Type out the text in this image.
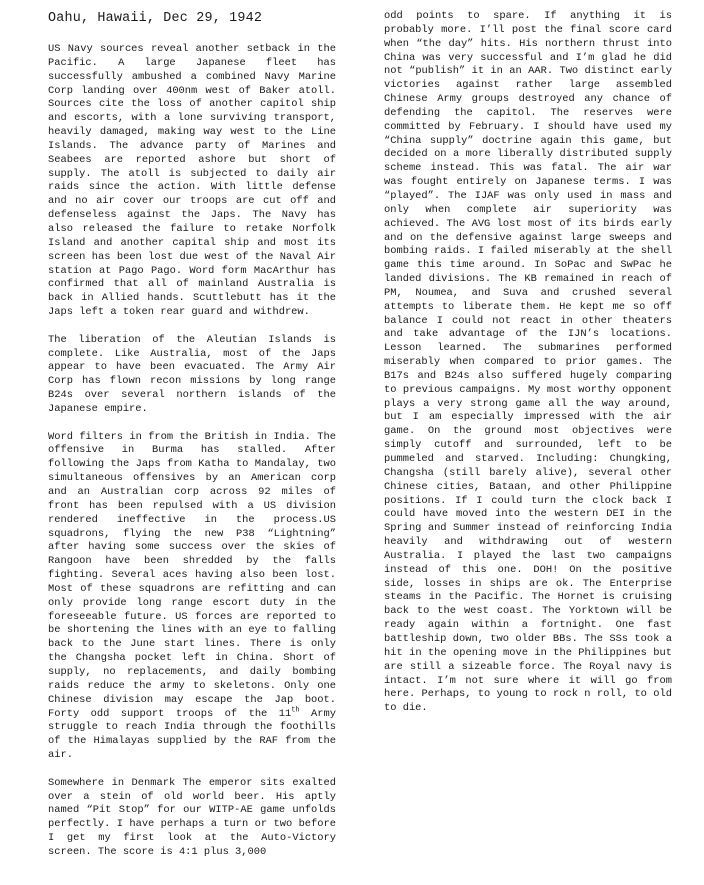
Oahu, Hawaii, Dec 29, 1942

US Navy sources reveal another setback in the Pacific. A large Japanese fleet has successfully ambushed a combined Navy Marine Corp landing over 400nm west of Baker atoll. Sources cite the loss of another capitol ship and escorts, with a lone surviving transport, heavily damaged, making way west to the Line Islands. The advance party of Marines and Seabees are reported ashore but short of supply. The atoll is subjected to daily air raids since the action. With little defense and no air cover our troops are cut off and defenseless against the Japs. The Navy has also released the failure to retake Norfolk Island and another capital ship and most its screen has been lost due west of the Naval Air station at Pago Pago. Word form MacArthur has confirmed that all of mainland Australia is back in Allied hands. Scuttlebutt has it the Japs left a token rear guard and withdrew.

The liberation of the Aleutian Islands is complete. Like Australia, most of the Japs appear to have been evacuated. The Army Air Corp has flown recon missions by long range B24s over several northern islands of the Japanese empire.

Word filters in from the British in India. The offensive in Burma has stalled. After following the Japs from Katha to Mandalay, two simultaneous offensives by an American corp and an Australian corp across 92 miles of front has been repulsed with a US division rendered ineffective in the process.US squadrons, flying the new P38 “Lightning” after having some success over the skies of Rangoon have been shredded by the falls fighting. Several aces having also been lost. Most of these squadrons are refitting and can only provide long range escort duty in the foreseeable future. US forces are reported to be shortening the lines with an eye to falling back to the June start lines. There is only the Changsha pocket left in China. Short of supply, no replacements, and daily bombing raids reduce the army to skeletons. Only one Chinese division may escape the Jap boot. Forty odd support troops of the 11th Army struggle to reach India through the foothills of the Himalayas supplied by the RAF from the air.

Somewhere in Denmark The emperor sits exalted over a stein of old world beer. His aptly named “Pit Stop” for our WITP-AE game unfolds perfectly. I have perhaps a turn or two before I get my first look at the Auto-Victory screen. The score is 4:1 plus 3,000

odd points to spare. If anything it is probably more. I’ll post the final score card when “the day” hits. His northern thrust into China was very successful and I’m glad he did not “publish” it in an AAR. Two distinct early victories against rather large assembled Chinese Army groups destroyed any chance of defending the capitol. The reserves were committed by February. I should have used my “China supply” doctrine again this game, but decided on a more liberally distributed supply scheme instead. This was fatal. The air war was fought entirely on Japanese terms. I was “played”. The IJAF was only used in mass and only when complete air superiority was achieved. The AVG lost most of its birds early and on the defensive against large sweeps and bombing raids. I failed miserably at the shell game this time around. In SoPac and SwPac he landed divisions. The KB remained in reach of PM, Noumea, and Suva and crushed several attempts to liberate them. He kept me so off balance I could not react in other theaters and take advantage of the IJN’s locations. Lesson learned. The submarines performed miserably when compared to prior games. The B17s and B24s also suffered hugely comparing to previous campaigns. My most worthy opponent plays a very strong game all the way around, but I am especially impressed with the air game. On the ground most objectives were simply cutoff and surrounded, left to be pummeled and starved. Including: Chungking, Changsha (still barely alive), several other Chinese cities, Bataan, and other Philippine positions. If I could turn the clock back I could have moved into the western DEI in the Spring and Summer instead of reinforcing India heavily and withdrawing out of western Australia. I played the last two campaigns instead of this one. DOH! On the positive side, losses in ships are ok. The Enterprise steams in the Pacific. The Hornet is cruising back to the west coast. The Yorktown will be ready again within a fortnight. One fast battleship down, two older BBs. The SSs took a hit in the opening move in the Philippines but are still a sizeable force. The Royal navy is intact. I’m not sure where it will go from here. Perhaps, to young to rock n roll, to old to die.
